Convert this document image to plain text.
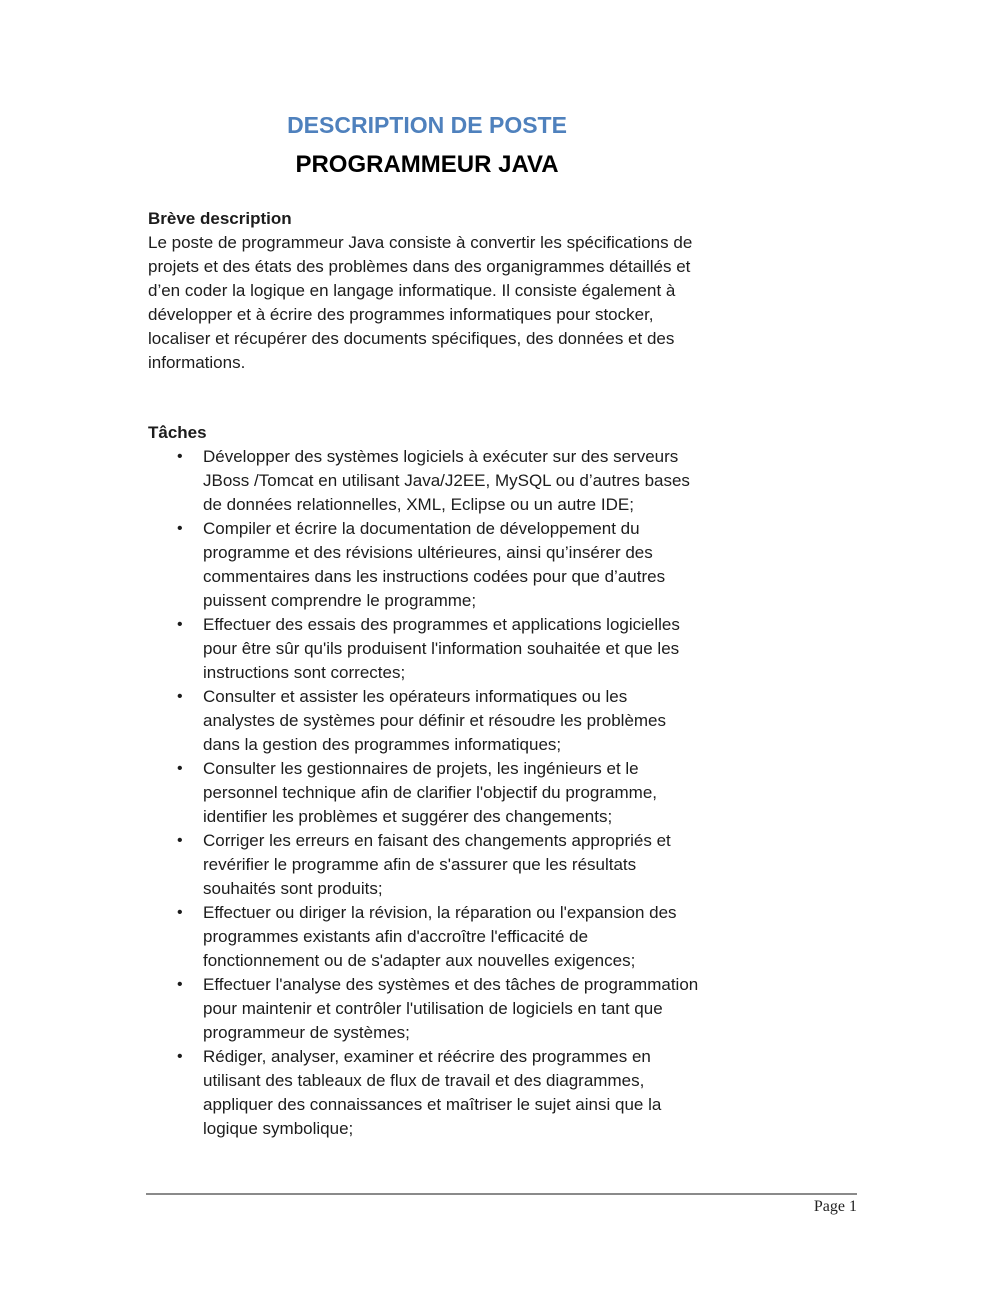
DESCRIPTION DE POSTE
PROGRAMMEUR JAVA
Brève description

Le poste de programmeur Java consiste à convertir les spécifications de projets et des états des problèmes dans des organigrammes détaillés et d’en coder la logique en langage informatique. Il consiste également à développer et à écrire des programmes informatiques pour stocker, localiser et récupérer des documents spécifiques, des données et des informations.

Tâches
• Développer des systèmes logiciels à exécuter sur des serveurs JBoss /Tomcat en utilisant Java/J2EE, MySQL ou d’autres bases de données relationnelles, XML, Eclipse ou un autre IDE;
• Compiler et écrire la documentation de développement du programme et des révisions ultérieures, ainsi qu’insérer des commentaires dans les instructions codées pour que d’autres puissent comprendre le programme;
• Effectuer des essais des programmes et applications logicielles pour être sûr qu'ils produisent l'information souhaitée et que les instructions sont correctes;
• Consulter et assister les opérateurs informatiques ou les analystes de systèmes pour définir et résoudre les problèmes dans la gestion des programmes informatiques;
• Consulter les gestionnaires de projets, les ingénieurs et le personnel technique afin de clarifier l'objectif du programme, identifier les problèmes et suggérer des changements;
• Corriger les erreurs en faisant des changements appropriés et revérifier le programme afin de s'assurer que les résultats souhaités sont produits;
• Effectuer ou diriger la révision, la réparation ou l'expansion des programmes existants afin d'accroître l'efficacité de fonctionnement ou de s'adapter aux nouvelles exigences;
• Effectuer l'analyse des systèmes et des tâches de programmation pour maintenir et contrôler l'utilisation de logiciels en tant que programmeur de systèmes;
• Rédiger, analyser, examiner et réécrire des programmes en utilisant des tableaux de flux de travail et des diagrammes, appliquer des connaissances et maîtriser le sujet ainsi que la logique symbolique;
Page 1
